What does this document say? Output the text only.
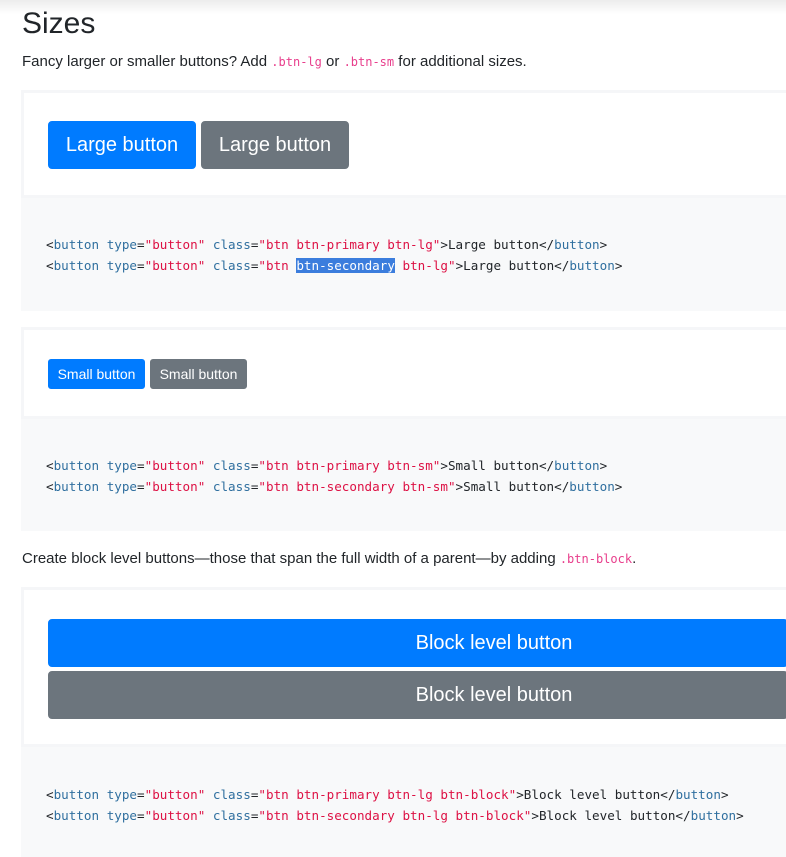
Sizes

Fancy larger or smaller buttons? Add .btn-lg or .btn-sm for additional sizes.

Large button	Large button
<button type="button" class="btn btn-primary btn-lg">Large button</button>
<button type="button" class="btn btn-secondary btn-lg">Large button</button>
Small button	Small button
<button type="button" class="btn btn-primary btn-sm">Small button</button>
<button type="button" class="btn btn-secondary btn-sm">Small button</button>

Create block level buttons—those that span the full width of a parent—by adding .btn-block.

Block level button
Block level button
<button type="button" class="btn btn-primary btn-lg btn-block">Block level button</button>
<button type="button" class="btn btn-secondary btn-lg btn-block">Block level button</button>
